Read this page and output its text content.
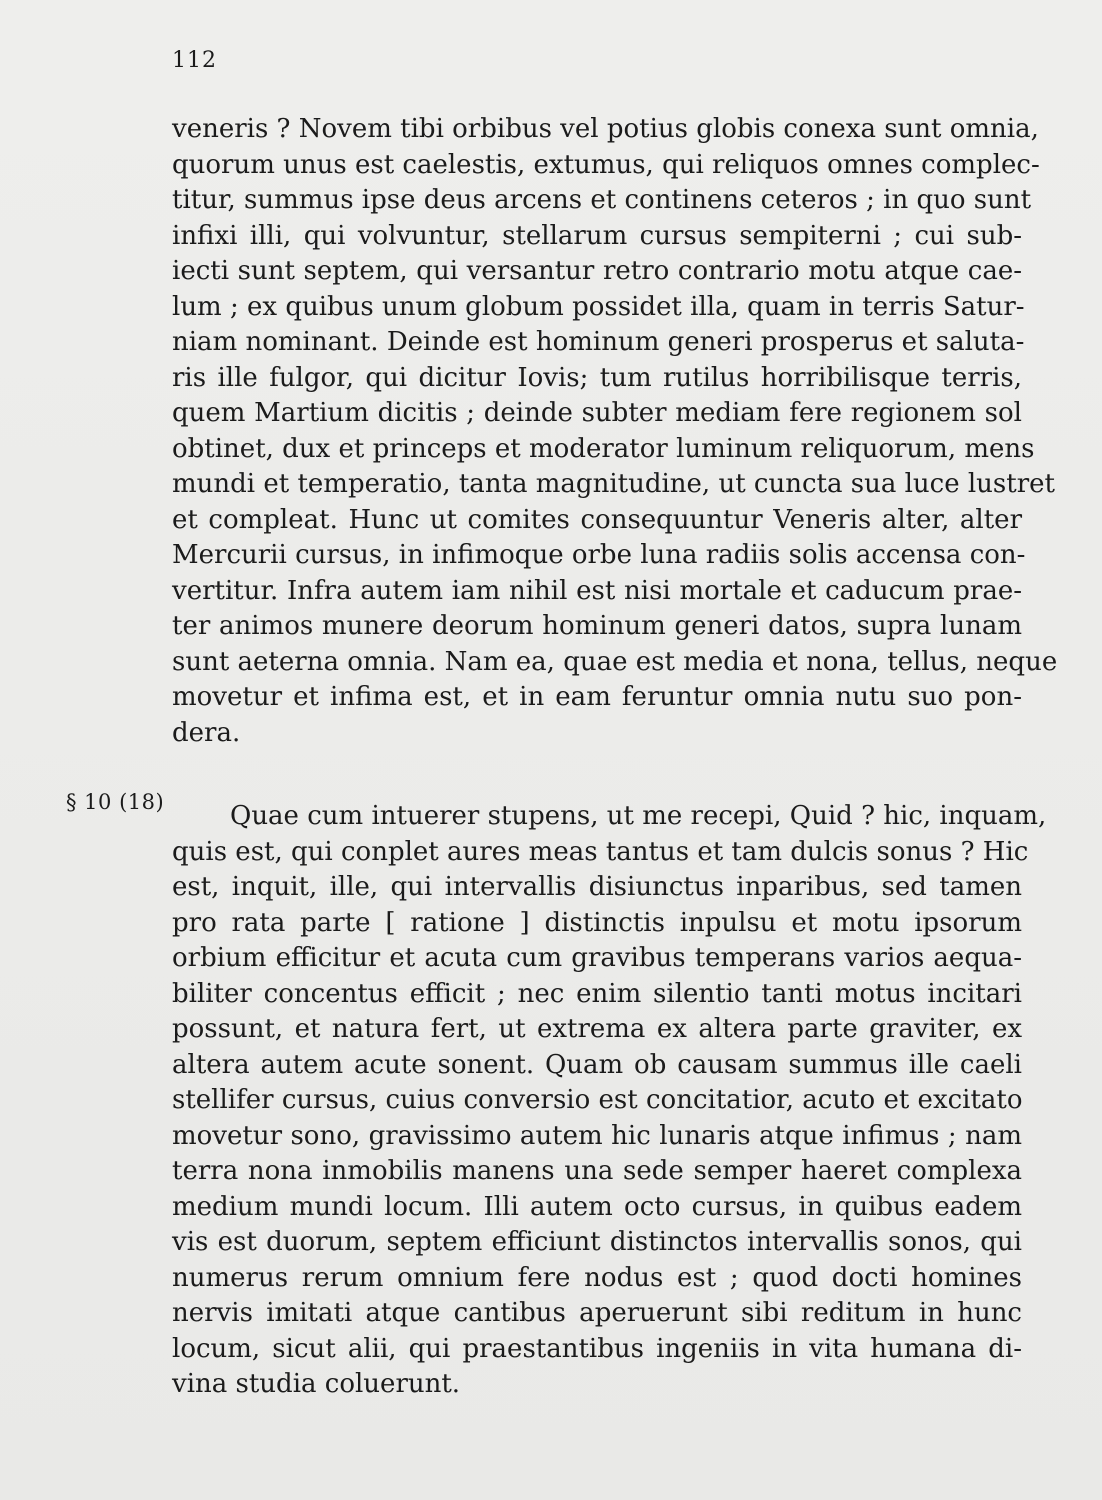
112
§ 10 (18)
veneris ? Novem tibi orbibus vel potius globis conexa sunt omnia,
quorum unus est caelestis, extumus, qui reliquos omnes complec-
titur, summus ipse deus arcens et continens ceteros ; in quo sunt
infixi illi, qui volvuntur, stellarum cursus sempiterni ; cui sub-
iecti sunt septem, qui versantur retro contrario motu atque cae-
lum ; ex quibus unum globum possidet illa, quam in terris Satur-
niam nominant. Deinde est hominum generi prosperus et saluta-
ris ille fulgor, qui dicitur Iovis; tum rutilus horribilisque terris,
quem Martium dicitis ; deinde subter mediam fere regionem sol
obtinet, dux et princeps et moderator luminum reliquorum, mens
mundi et temperatio, tanta magnitudine, ut cuncta sua luce lustret
et compleat. Hunc ut comites consequuntur Veneris alter, alter
Mercurii cursus, in infimoque orbe luna radiis solis accensa con-
vertitur. Infra autem iam nihil est nisi mortale et caducum prae-
ter animos munere deorum hominum generi datos, supra lunam
sunt aeterna omnia. Nam ea, quae est media et nona, tellus, neque
movetur et infima est, et in eam feruntur omnia nutu suo pon-
dera.
Quae cum intuerer stupens, ut me recepi, Quid ? hic, inquam,
quis est, qui conplet aures meas tantus et tam dulcis sonus ? Hic
est, inquit, ille, qui intervallis disiunctus inparibus, sed tamen
pro rata parte [ ratione ] distinctis inpulsu et motu ipsorum
orbium efficitur et acuta cum gravibus temperans varios aequa-
biliter concentus efficit ; nec enim silentio tanti motus incitari
possunt, et natura fert, ut extrema ex altera parte graviter, ex
altera autem acute sonent. Quam ob causam summus ille caeli
stellifer cursus, cuius conversio est concitatior, acuto et excitato
movetur sono, gravissimo autem hic lunaris atque infimus ; nam
terra nona inmobilis manens una sede semper haeret complexa
medium mundi locum. Illi autem octo cursus, in quibus eadem
vis est duorum, septem efficiunt distinctos intervallis sonos, qui
numerus rerum omnium fere nodus est ; quod docti homines
nervis imitati atque cantibus aperuerunt sibi reditum in hunc
locum, sicut alii, qui praestantibus ingeniis in vita humana di-
vina studia coluerunt.
